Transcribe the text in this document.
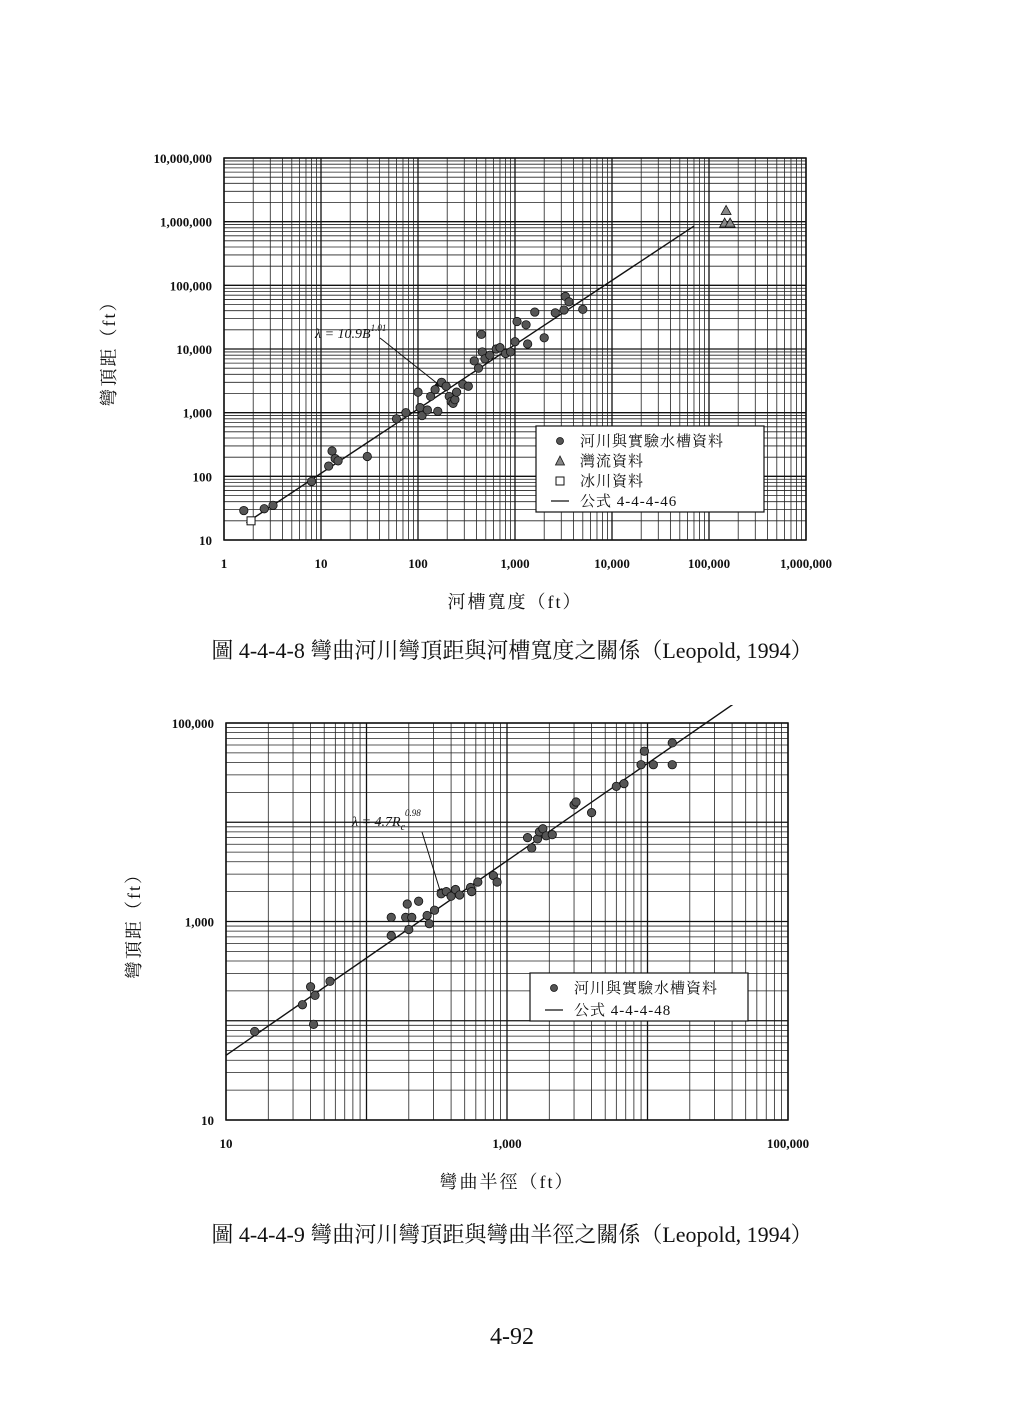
1	10	100	1,000	10,000	100,000	1,000,000
10
100
1,000
10,000
100,000
1,000,000
10,000,000
河槽寬度（ft）
彎頂距（ft）	$\lambda = 10.9B^{1.01}$
河川與實驗水槽資料
灣流資料
冰川資料
公式 4-4-4-46
圖 4-4-4-8 彎曲河川彎頂距與河槽寬度之關係（Leopold, 1994）
10	1,000	100,000
10
1,000
100,000
彎曲半徑（ft）
彎頂距（ft）
$\lambda = 4.7R_c^{0.98}$
河川與實驗水槽資料
公式 4-4-4-48
圖 4-4-4-9 彎曲河川彎頂距與彎曲半徑之關係（Leopold, 1994）
4-92
